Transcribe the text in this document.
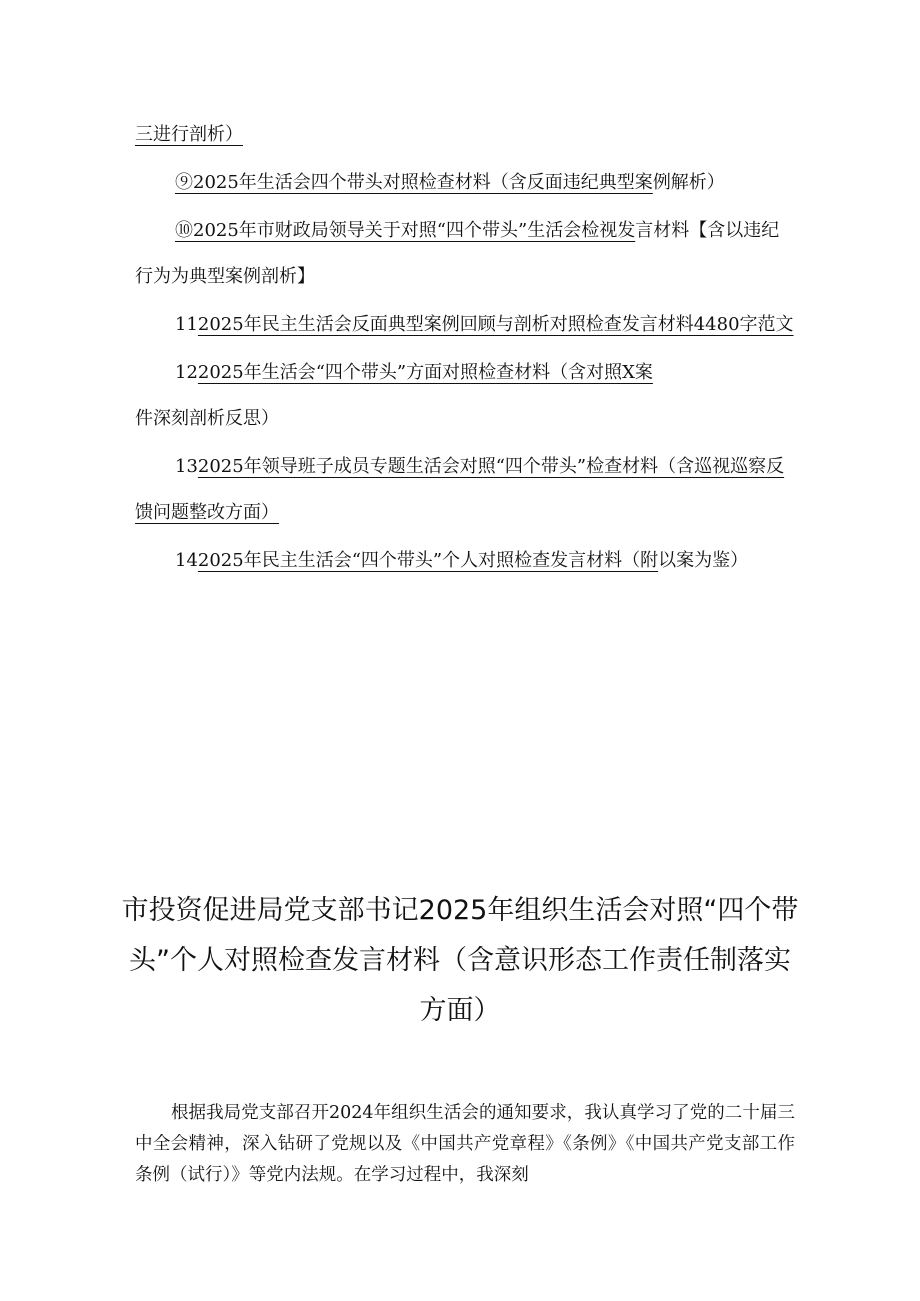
三进行剖析）

⑨2025年生活会四个带头对照检查材料（含反面违纪典型案例解析）

⑩2025年市财政局领导关于对照“四个带头”生活会检视发言材料【含以违纪行为为典型案例剖析】

112025年民主生活会反面典型案例回顾与剖析对照检查发言材料4480字范文

122025年生活会“四个带头”方面对照检查材料（含对照X案件深刻剖析反思）

132025年领导班子成员专题生活会对照“四个带头”检查材料（含巡视巡察反馈问题整改方面）

142025年民主生活会“四个带头”个人对照检查发言材料（附以案为鉴）

市投资促进局党支部书记2025年组织生活会对照“四个带头”个人对照检查发言材料（含意识形态工作责任制落实方面）

根据我局党支部召开2024年组织生活会的通知要求，我认真学习了党的二十届三中全会精神，深入钻研了党规以及《中国共产党章程》《条例》《中国共产党支部工作条例（试行）》等党内法规。在学习过程中，我深刻
